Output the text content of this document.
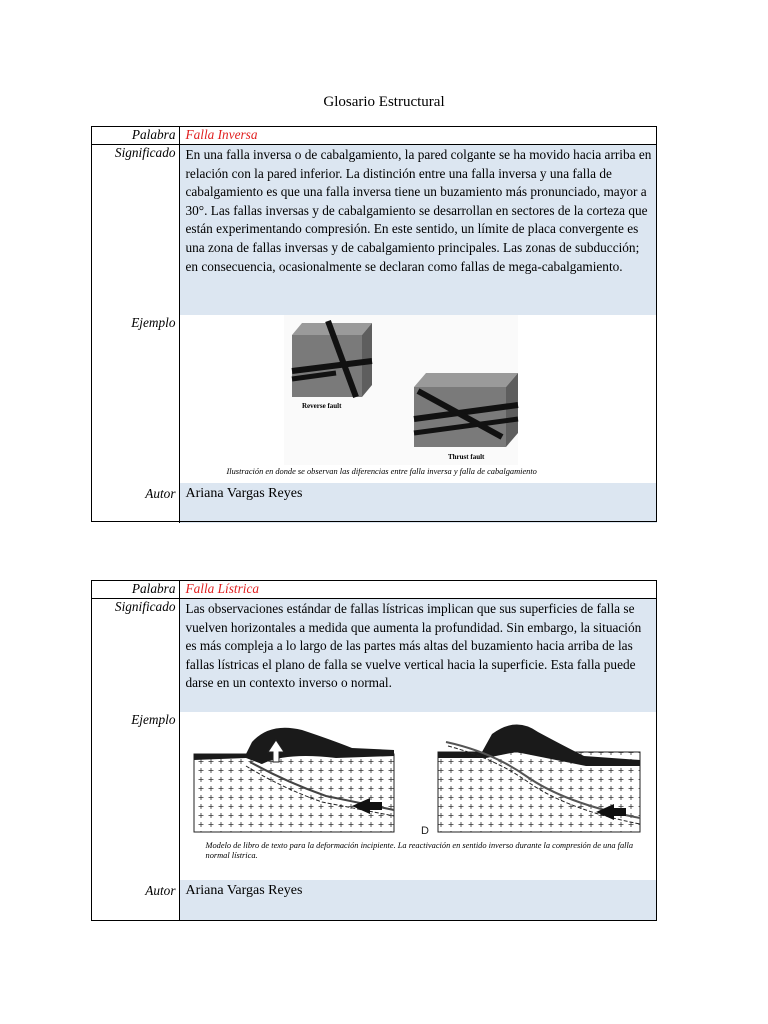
Glosario Estructural
Palabra	Falla Inversa
Significado	En una falla inversa o de cabalgamiento, la pared colgante se ha movido hacia arriba en relación con la pared inferior. La distinción entre una falla inversa y una falla de cabalgamiento es que una falla inversa tiene un buzamiento más pronunciado, mayor a 30°. Las fallas inversas y de cabalgamiento se desarrollan en sectores de la corteza que están experimentando compresión. En este sentido, un límite de placa convergente es una zona de fallas inversas y de cabalgamiento principales. Las zonas de subducción; en consecuencia, ocasionalmente se declaran como fallas de mega-cabalgamiento.
Ejemplo	Reverse fault
Thrust fault
Ilustración en donde se observan las diferencias entre falla inversa y falla de cabalgamiento

Autor	Ariana Vargas Reyes
Palabra	Falla Lístrica
Significado	Las observaciones estándar de fallas lístricas implican que sus superficies de falla se vuelven horizontales a medida que aumenta la profundidad. Sin embargo, la situación es más compleja a lo largo de las partes más altas del buzamiento hacia arriba de las fallas lístricas el plano de falla se vuelve vertical hacia la superficie. Esta falla puede darse en un contexto inverso o normal.
Ejemplo	D
Modelo de libro de texto para la deformación incipiente. La reactivación en sentido inverso durante la compresión de una falla normal lístrica.

Autor	Ariana Vargas Reyes
